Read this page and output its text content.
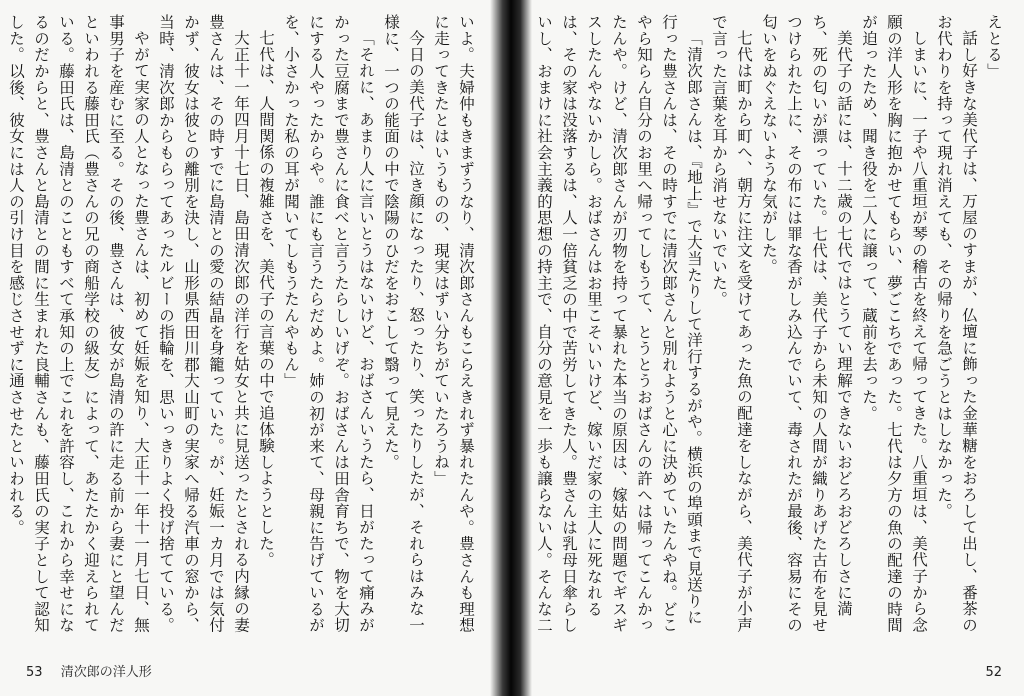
えとる」

話し好きな美代子は、万屋のすまが、仏壇に飾った金華糖をおろして出し、番茶のお代わりを持って現れ消えても、その帰りを急ごうとはしなかった。

しまいに、一子や八重垣が琴の稽古を終えて帰ってきた。八重垣は、美代子から念願の洋人形を胸に抱かせてもらい、夢ごこちであった。七代は夕方の魚の配達の時間が迫ったため、聞き役を二人に譲って、蔵前を去った。

美代子の話には、十二歳の七代ではとうてい理解できないおどろおどろしさに満ち、死の匂いが漂っていた。七代は、美代子から未知の人間が織りあげた古布を見せつけられた上に、その布には罪な香がしみ込んでいて、毒されたが最後、容易にその匂いをぬぐえないような気がした。

七代は町から町へ、朝方に注文を受けてあった魚の配達をしながら、美代子が小声で言った言葉を耳から消せないでいた。

「清次郎さんは、『地上』で大当たりして洋行するがや。横浜の埠頭まで見送りに行った豊さんは、その時すでに清次郎さんと別れようと心に決めていたんやね。どこやら知らん自分のお里へ帰ってしもうて、とうとうおばさんの許へは帰ってこんかったんや。けど、清次郎さんが刃物を持って暴れた本当の原因は、嫁姑の問題でギスギスしたんやないかしら。おばさんはお里こそいいけど、嫁いだ家の主人に死なれるは、その家は没落するは、人一倍貧乏の中で苦労してきた人。豊さんは乳母日傘らしいし、おまけに社会主義的思想の持主で、自分の意見を一歩も譲らない人。そんな二

52

いよ。夫婦仲もきまずうなり、清次郎さんもこらえきれず暴れたんや。豊さんも理想に走ってきたとはいうものの、現実はずい分ちがていたろうね」

今日の美代子は、泣き顔になったり、怒ったり、笑ったりしたが、それらはみな一様に、一つの能面の中で陰陽のひだをおこして翳って見えた。

「それに、あまり人に言いとうはないけど、おばさんいうたら、日がたって痛みがかった豆腐まで豊さんに食べと言うたらしいげぞ。おばさんは田舎育ちで、物を大切にする人やったからや。誰にも言うたらだめよ。姉の初が来て、母親に告げているがを、小さかった私の耳が聞いてしもうたんやもん」

七代は、人間関係の複雑さを、美代子の言葉の中で追体験しようとした。

大正十一年四月十七日、島田清次郎の洋行を姑女と共に見送ったとされる内縁の妻豊さんは、その時すでに島清との愛の結晶を身籠っていた。が、妊娠一カ月では気付かず、彼女は彼との離別を決し、山形県西田川郡大山町の実家へ帰る汽車の窓から、当時、清次郎からもらってあったルビーの指輪を、思いっきりよく投げ捨てている。

やがて実家の人となった豊さんは、初めて妊娠を知り、大正十一年十一月七日、無事男子を産むに至る。その後、豊さんは、彼女が島清の許に走る前から妻にと望んだといわれる藤田氏（豊さんの兄の商船学校の級友）によって、あたたかく迎えられている。藤田氏は、島清とのこともすべて承知の上でこれを許容し、これから幸せになるのだからと、豊さんと島清との間に生まれた良輔さんも、藤田氏の実子として認知した。以後、彼女には人の引け目を感じさせずに通させたといわれる。

53 清次郎の洋人形
